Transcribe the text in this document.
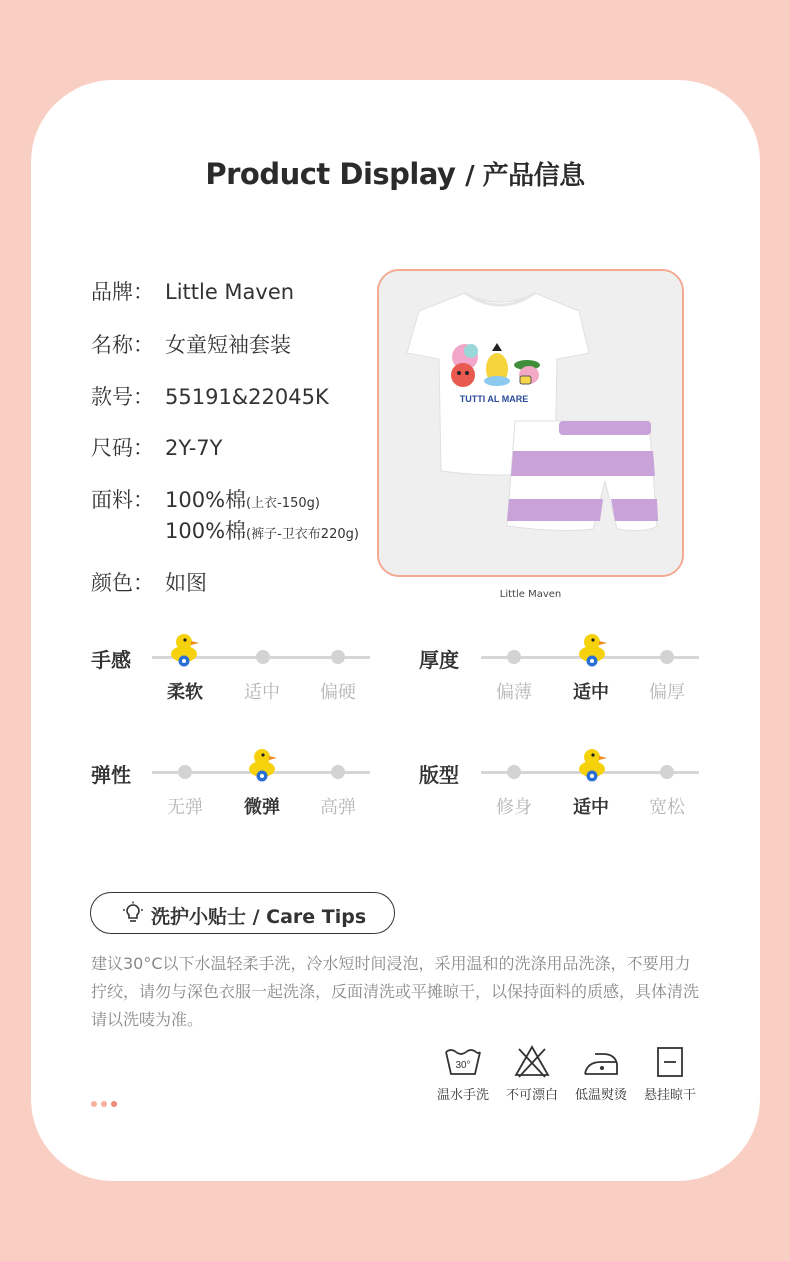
Product Display / 产品信息
品牌： Little Maven
名称： 女童短袖套装
款号： 55191&22045K
尺码： 2Y-7Y
面料： 100%棉(上衣-150g)
100%棉(裤子-卫衣布220g)
颜色： 如图
TUTTI AL MARE
Little Maven
手感
柔软	适中	偏硬
厚度
偏薄	适中	偏厚
弹性
无弹	微弹	高弹
版型
修身	适中	宽松
洗护小贴士 / Care Tips
建议30°C以下水温轻柔手洗，冷水短时间浸泡，采用温和的洗涤用品洗涤，不要用力拧绞，请勿与深色衣服一起洗涤，反面清洗或平摊晾干，以保持面料的质感，具体清洗请以洗唛为准。
30°
温水手洗	不可漂白	低温熨烫	悬挂晾干
